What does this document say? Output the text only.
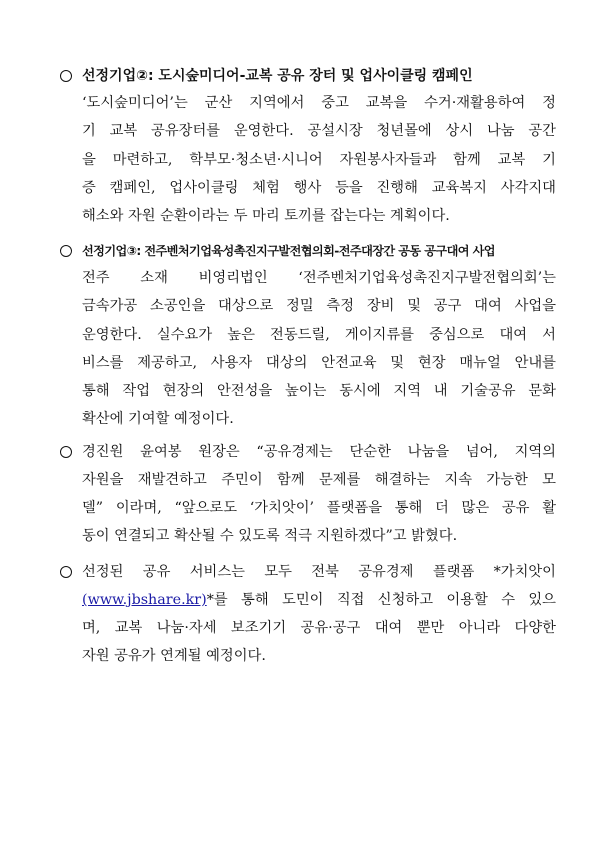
선정기업②: 도시숲미디어-교복 공유 장터 및 업사이클링 캠페인
‘도시숲미디어’는 군산 지역에서 중고 교복을 수거·재활용하여 정
기 교복 공유장터를 운영한다. 공설시장 청년몰에 상시 나눔 공간
을 마련하고, 학부모·청소년·시니어 자원봉사자들과 함께 교복 기
증 캠페인, 업사이클링 체험 행사 등을 진행해 교육복지 사각지대
해소와 자원 순환이라는 두 마리 토끼를 잡는다는 계획이다.
선정기업③: 전주벤처기업육성촉진지구발전협의회-전주대장간 공동 공구대여 사업
전주 소재 비영리법인 ‘전주벤처기업육성촉진지구발전협의회’는
금속가공 소공인을 대상으로 정밀 측정 장비 및 공구 대여 사업을
운영한다. 실수요가 높은 전동드릴, 게이지류를 중심으로 대여 서
비스를 제공하고, 사용자 대상의 안전교육 및 현장 매뉴얼 안내를
통해 작업 현장의 안전성을 높이는 동시에 지역 내 기술공유 문화
확산에 기여할 예정이다.
경진원 윤여봉 원장은 “공유경제는 단순한 나눔을 넘어, 지역의
자원을 재발견하고 주민이 함께 문제를 해결하는 지속 가능한 모
델” 이라며, “앞으로도 ‘가치앗이’ 플랫폼을 통해 더 많은 공유 활
동이 연결되고 확산될 수 있도록 적극 지원하겠다”고 밝혔다.
선정된 공유 서비스는 모두 전북 공유경제 플랫폼 *가치앗이
(www.jbshare.kr)*를 통해 도민이 직접 신청하고 이용할 수 있으
며, 교복 나눔·자세 보조기기 공유·공구 대여 뿐만 아니라 다양한
자원 공유가 연계될 예정이다.
